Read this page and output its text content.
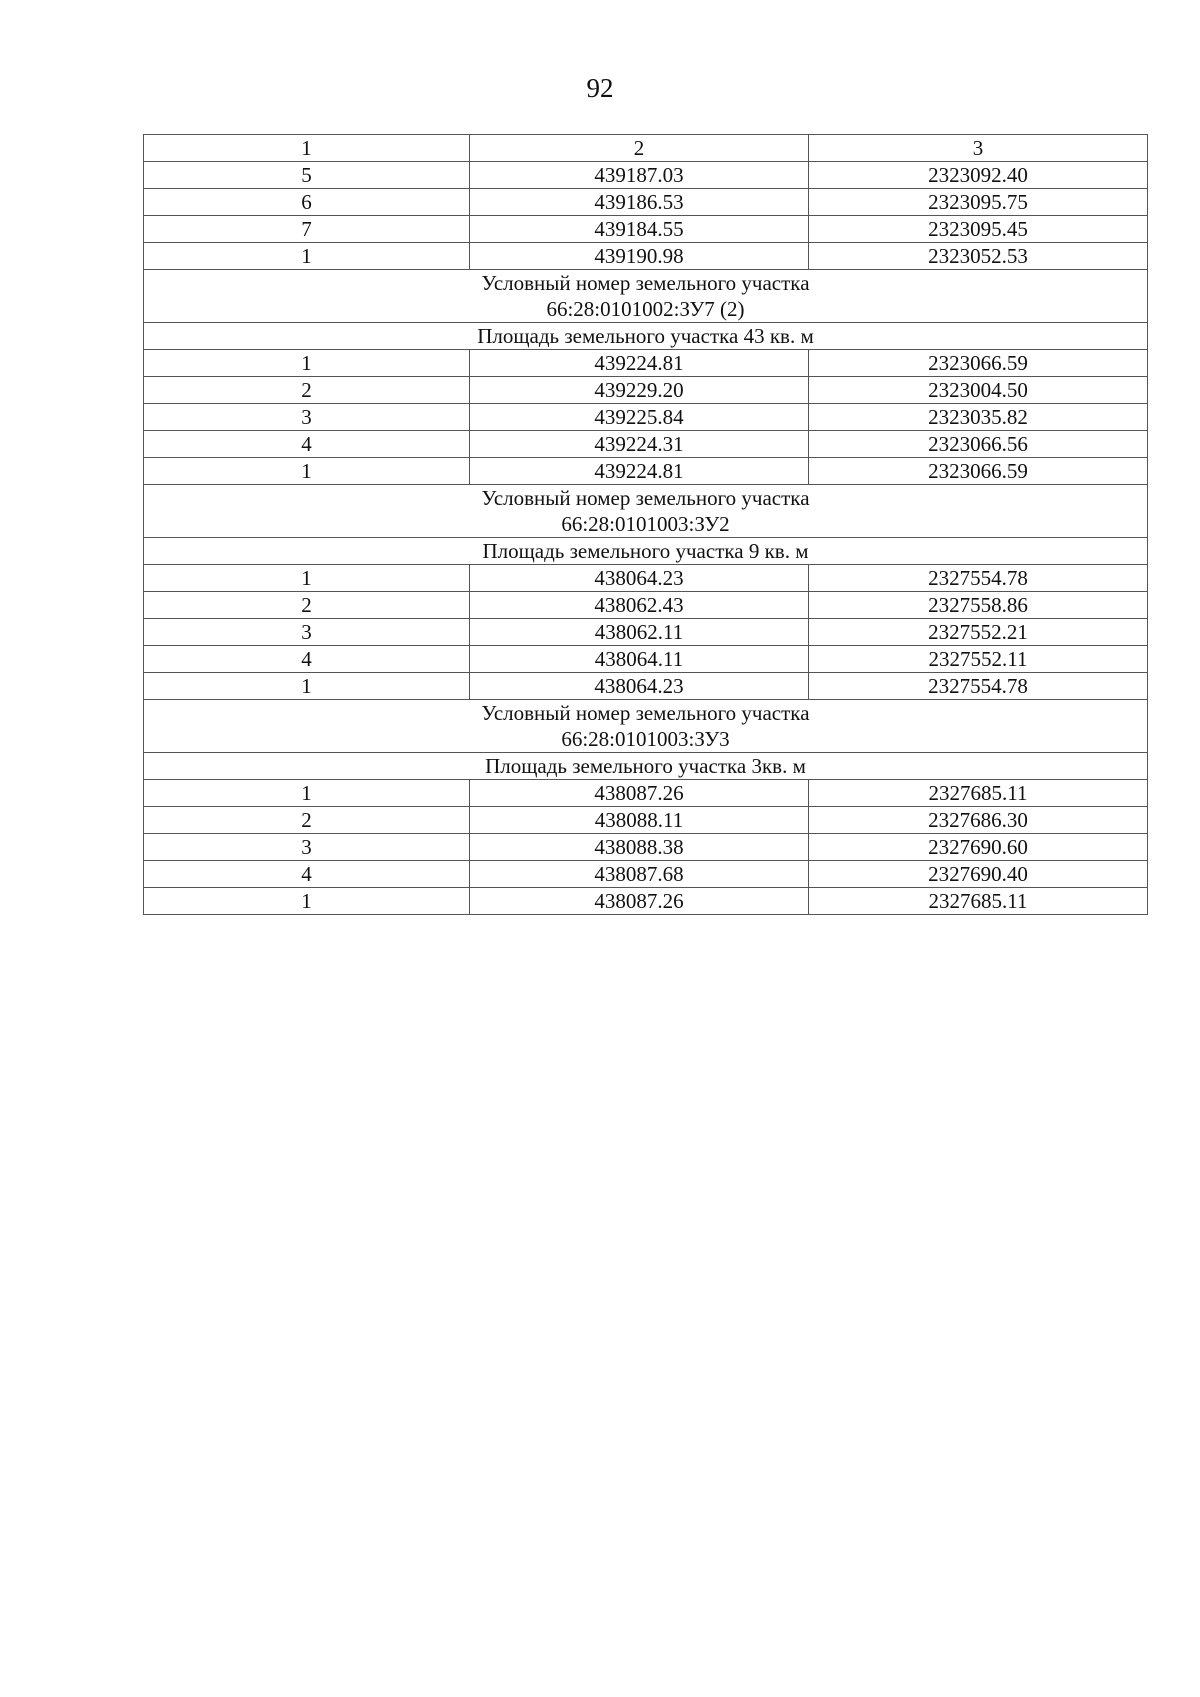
92
1	2	3
5	439187.03	2323092.40
6	439186.53	2323095.75
7	439184.55	2323095.45
1	439190.98	2323052.53

Условный номер земельного участка
66:28:0101002:ЗУ7 (2)		

Площадь земельного участка 43 кв. м		
1	439224.81	2323066.59
2	439229.20	2323004.50
3	439225.84	2323035.82
4	439224.31	2323066.56
1	439224.81	2323066.59

Условный номер земельного участка
66:28:0101003:ЗУ2		

Площадь земельного участка 9 кв. м		
1	438064.23	2327554.78
2	438062.43	2327558.86
3	438062.11	2327552.21
4	438064.11	2327552.11
1	438064.23	2327554.78

Условный номер земельного участка
66:28:0101003:ЗУ3		

Площадь земельного участка 3кв. м		
1	438087.26	2327685.11
2	438088.11	2327686.30
3	438088.38	2327690.60
4	438087.68	2327690.40
1	438087.26	2327685.11
